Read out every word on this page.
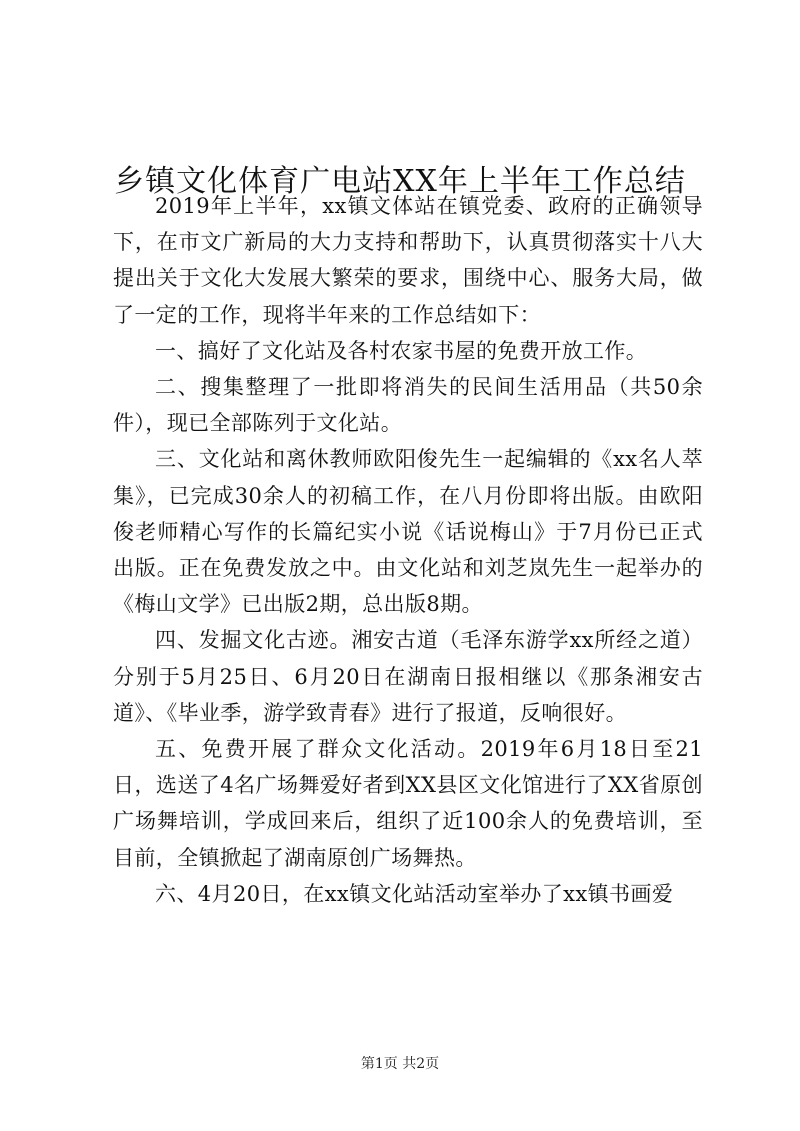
乡镇文化体育广电站XX年上半年工作总结

2019年上半年，xx镇文体站在镇党委、政府的正确领导下，在市文广新局的大力支持和帮助下，认真贯彻落实十八大提出关于文化大发展大繁荣的要求，围绕中心、服务大局，做了一定的工作，现将半年来的工作总结如下：

一、搞好了文化站及各村农家书屋的免费开放工作。

二、搜集整理了一批即将消失的民间生活用品（共50余件），现已全部陈列于文化站。

三、文化站和离休教师欧阳俊先生一起编辑的《xx名人萃集》，已完成30余人的初稿工作，在八月份即将出版。由欧阳俊老师精心写作的长篇纪实小说《话说梅山》于7月份已正式出版。正在免费发放之中。由文化站和刘芝岚先生一起举办的《梅山文学》已出版2期，总出版8期。

四、发掘文化古迹。湘安古道（毛泽东游学xx所经之道）分别于5月25日、6月20日在湖南日报相继以《那条湘安古道》、《毕业季，游学致青春》进行了报道，反响很好。

五、免费开展了群众文化活动。2019年6月18日至21日，选送了4名广场舞爱好者到XX县区文化馆进行了XX省原创广场舞培训，学成回来后，组织了近100余人的免费培训，至目前，全镇掀起了湖南原创广场舞热。

六、4月20日，在xx镇文化站活动室举办了xx镇书画爱

第1页 共2页
